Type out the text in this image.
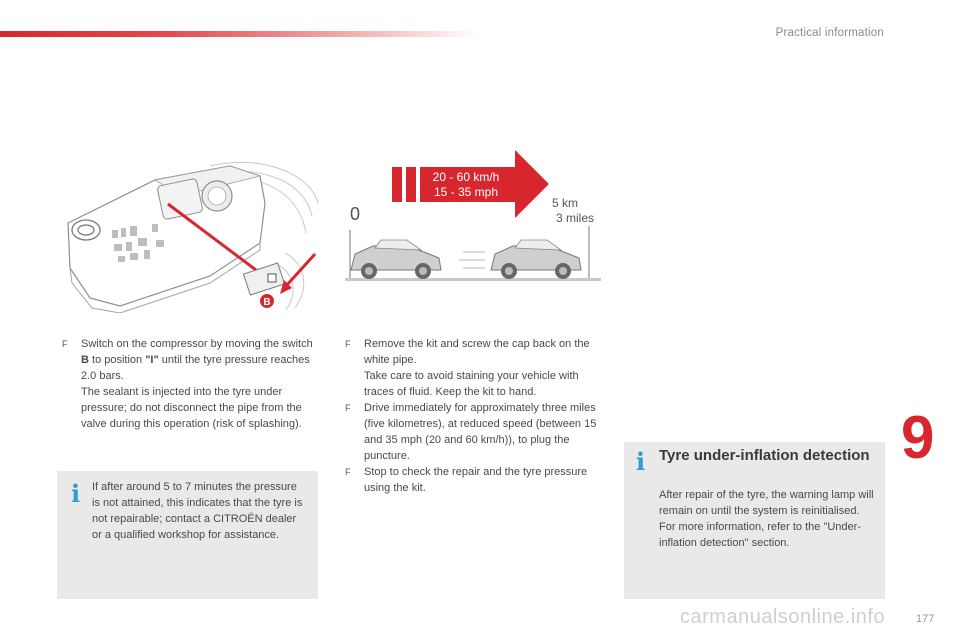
Practical information
B
20 - 60 km/h
15 - 35 mph
0
5 km
3 miles

F Switch on the compressor by moving the switch B to position "I" until the tyre pressure reaches 2.0 bars.
The sealant is injected into the tyre under pressure; do not disconnect the pipe from the valve during this operation (risk of splashing).

i If after around 5 to 7 minutes the pressure is not attained, this indicates that the tyre is not repairable; contact a CITROËN dealer or a qualified workshop for assistance.

F Remove the kit and screw the cap back on the white pipe.
Take care to avoid staining your vehicle with traces of fluid. Keep the kit to hand.

F Drive immediately for approximately three miles (five kilometres), at reduced speed (between 15 and 35 mph (20 and 60 km/h)), to plug the puncture.

F Stop to check the repair and the tyre pressure using the kit.

9
i Tyre under-inflation detection
After repair of the tyre, the warning lamp will remain on until the system is reinitialised.
For more information, refer to the "Under-inflation detection" section.
carmanualsonline.info	177
